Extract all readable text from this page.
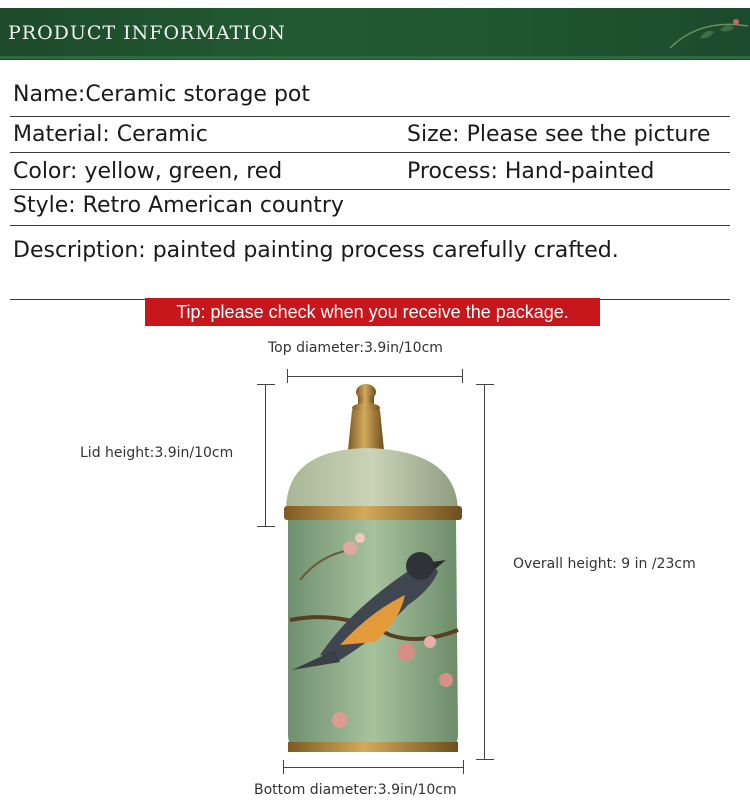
PRODUCT INFORMATION
Name:Ceramic storage pot
Material: Ceramic	Size: Please see the picture
Color: yellow, green, red	Process: Hand-painted
Style: Retro American country
Description: painted painting process carefully crafted.
Tip: please check when you receive the package.
Top diameter:3.9in/10cm
Lid height:3.9in/10cm
Overall height: 9 in /23cm
Bottom diameter:3.9in/10cm
